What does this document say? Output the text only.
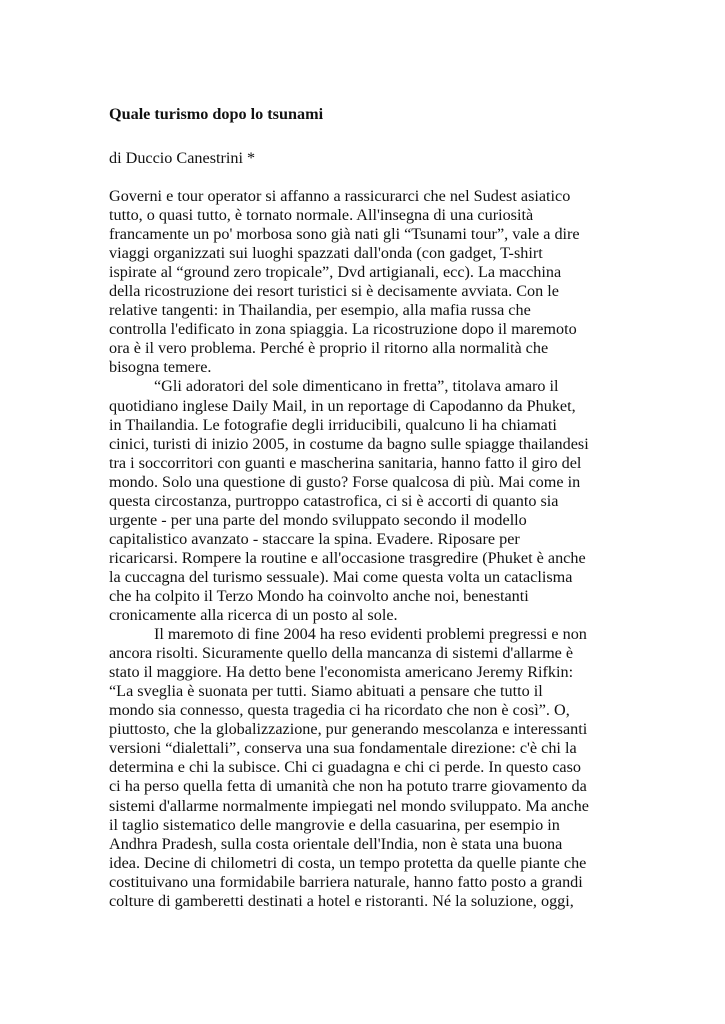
Quale turismo dopo lo tsunami

di Duccio Canestrini *

Governi e tour operator si affanno a rassicurarci che nel Sudest asiatico
tutto, o quasi tutto, è tornato normale. All'insegna di una curiosità
francamente un po' morbosa sono già nati gli “Tsunami tour”, vale a dire
viaggi organizzati sui luoghi spazzati dall'onda (con gadget, T-shirt
ispirate al “ground zero tropicale”, Dvd artigianali, ecc). La macchina
della ricostruzione dei resort turistici si è decisamente avviata. Con le
relative tangenti: in Thailandia, per esempio, alla mafia russa che
controlla l'edificato in zona spiaggia. La ricostruzione dopo il maremoto
ora è il vero problema. Perché è proprio il ritorno alla normalità che
bisogna temere.

“Gli adoratori del sole dimenticano in fretta”, titolava amaro il
quotidiano inglese Daily Mail, in un reportage di Capodanno da Phuket,
in Thailandia. Le fotografie degli irriducibili, qualcuno li ha chiamati
cinici, turisti di inizio 2005, in costume da bagno sulle spiagge thailandesi
tra i soccorritori con guanti e mascherina sanitaria, hanno fatto il giro del
mondo. Solo una questione di gusto? Forse qualcosa di più. Mai come in
questa circostanza, purtroppo catastrofica, ci si è accorti di quanto sia
urgente - per una parte del mondo sviluppato secondo il modello
capitalistico avanzato - staccare la spina. Evadere. Riposare per
ricaricarsi. Rompere la routine e all'occasione trasgredire (Phuket è anche
la cuccagna del turismo sessuale). Mai come questa volta un cataclisma
che ha colpito il Terzo Mondo ha coinvolto anche noi, benestanti
cronicamente alla ricerca di un posto al sole.

Il maremoto di fine 2004 ha reso evidenti problemi pregressi e non
ancora risolti. Sicuramente quello della mancanza di sistemi d'allarme è
stato il maggiore. Ha detto bene l'economista americano Jeremy Rifkin:
“La sveglia è suonata per tutti. Siamo abituati a pensare che tutto il
mondo sia connesso, questa tragedia ci ha ricordato che non è così”. O,
piuttosto, che la globalizzazione, pur generando mescolanza e interessanti
versioni “dialettali”, conserva una sua fondamentale direzione: c'è chi la
determina e chi la subisce. Chi ci guadagna e chi ci perde. In questo caso
ci ha perso quella fetta di umanità che non ha potuto trarre giovamento da
sistemi d'allarme normalmente impiegati nel mondo sviluppato. Ma anche
il taglio sistematico delle mangrovie e della casuarina, per esempio in
Andhra Pradesh, sulla costa orientale dell'India, non è stata una buona
idea. Decine di chilometri di costa, un tempo protetta da quelle piante che
costituivano una formidabile barriera naturale, hanno fatto posto a grandi
colture di gamberetti destinati a hotel e ristoranti. Né la soluzione, oggi,
